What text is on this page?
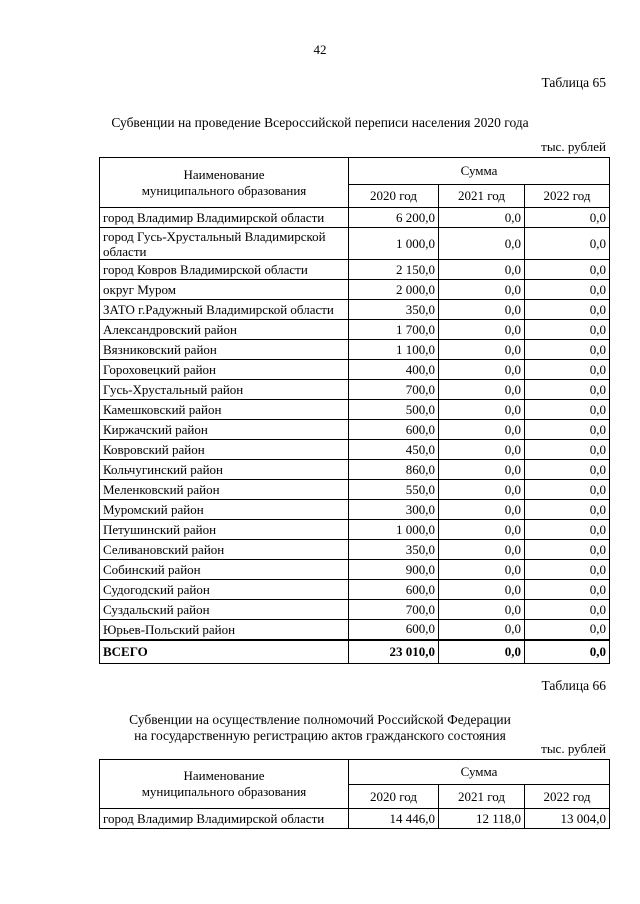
42
Таблица 65
Субвенции на проведение Всероссийской переписи населения 2020 года
тыс. рублей
Наименование
муниципального образования	Сумма		
	2020 год	2021 год	2022 год
город Владимир Владимирской области	6 200,0	0,0	0,0
город Гусь-Хрустальный Владимирской области	1 000,0	0,0	0,0
город Ковров Владимирской области	2 150,0	0,0	0,0
округ Муром	2 000,0	0,0	0,0
ЗАТО г.Радужный Владимирской области	350,0	0,0	0,0
Александровский район	1 700,0	0,0	0,0
Вязниковский район	1 100,0	0,0	0,0
Гороховецкий район	400,0	0,0	0,0
Гусь-Хрустальный район	700,0	0,0	0,0
Камешковский район	500,0	0,0	0,0
Киржачский район	600,0	0,0	0,0
Ковровский район	450,0	0,0	0,0
Кольчугинский район	860,0	0,0	0,0
Меленковский район	550,0	0,0	0,0
Муромский район	300,0	0,0	0,0
Петушинский район	1 000,0	0,0	0,0
Селивановский район	350,0	0,0	0,0
Собинский район	900,0	0,0	0,0
Судогодский район	600,0	0,0	0,0
Суздальский район	700,0	0,0	0,0
Юрьев-Польский район	600,0	0,0	0,0
ВСЕГО	23 010,0	0,0	0,0
Таблица 66
Субвенции на осуществление полномочий Российской Федерации
на государственную регистрацию актов гражданского состояния
тыс. рублей
Наименование
муниципального образования	Сумма		
	2020 год	2021 год	2022 год
город Владимир Владимирской области	14 446,0	12 118,0	13 004,0
